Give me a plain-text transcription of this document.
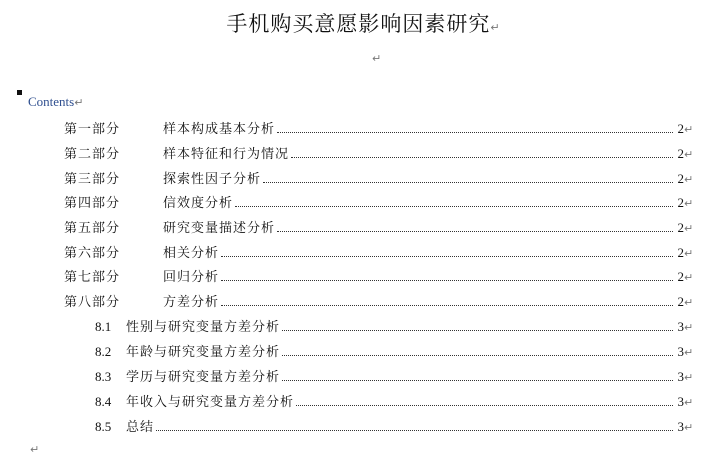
手机购买意愿影响因素研究↵
↵
Contents↵
第一部分	样本构成基本分析	2 ↵
第二部分	样本特征和行为情况	2 ↵
第三部分	探索性因子分析	2 ↵
第四部分	信效度分析	2 ↵
第五部分	研究变量描述分析	2 ↵
第六部分	相关分析	2 ↵
第七部分	回归分析	2 ↵
第八部分	方差分析	2 ↵
8.1	性别与研究变量方差分析	3 ↵
8.2	年龄与研究变量方差分析	3 ↵
8.3	学历与研究变量方差分析	3 ↵
8.4	年收入与研究变量方差分析	3 ↵
8.5	总结	3 ↵
↵
